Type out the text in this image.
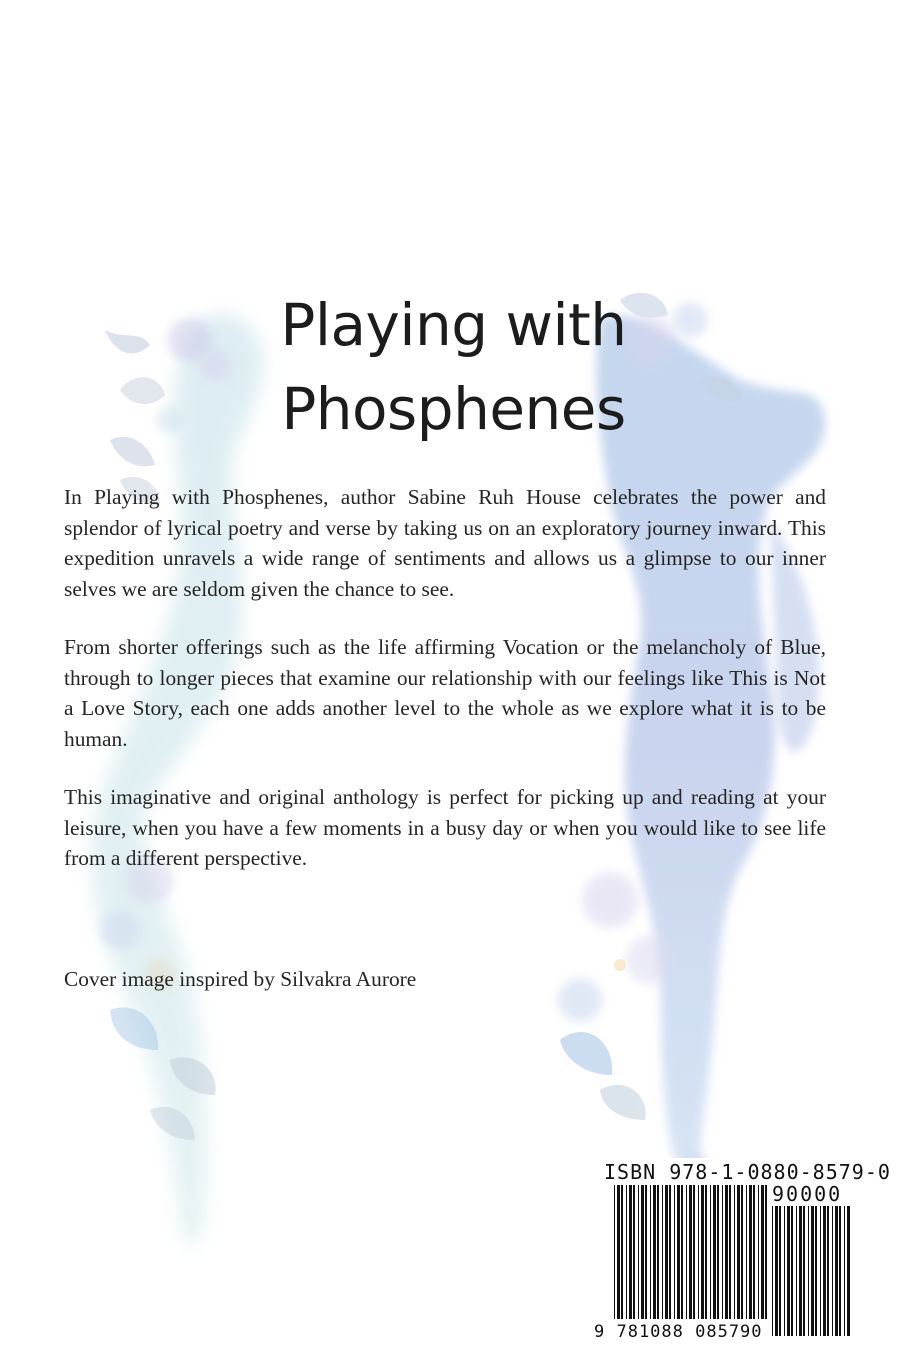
Playing with
Phosphenes

In Playing with Phosphenes, author Sabine Ruh House celebrates the power and splendor of lyrical poetry and verse by taking us on an exploratory journey inward. This expedition unravels a wide range of sentiments and allows us a glimpse to our inner selves we are seldom given the chance to see.

From shorter offerings such as the life affirming Vocation or the melancholy of Blue, through to longer pieces that examine our relationship with our feelings like This is Not a Love Story, each one adds another level to the whole as we explore what it is to be human.

This imaginative and original anthology is perfect for picking up and reading at your leisure, when you have a few moments in a busy day or when you would like to see life from a different perspective.

Cover image inspired by Silvakra Aurore
ISBN 978-1-0880-8579-0
90000
9 781088 085790
